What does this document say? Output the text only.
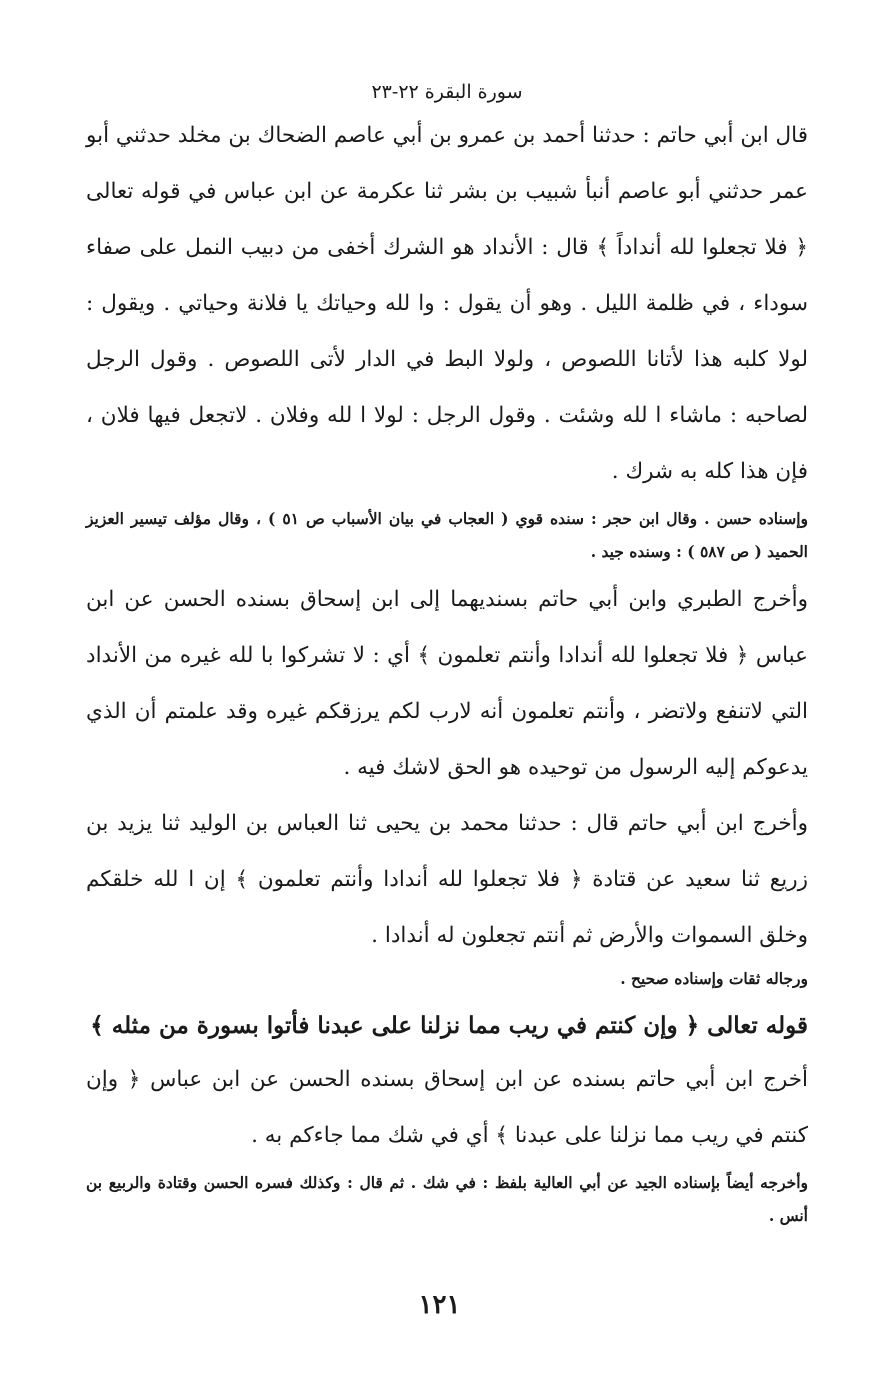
سورة البقرة ٢٢-٢٣

قال ابن أبي حاتم : حدثنا أحمد بن عمرو بن أبي عاصم الضحاك بن مخلد حدثني أبو عمر حدثني أبو عاصم أنبأ شبيب بن بشر ثنا عكرمة عن ابن عباس في قوله تعالى ﴿ فلا تجعلوا لله أنداداً ﴾ قال : الأنداد هو الشرك أخفى من دبيب النمل على صفاء سوداء ، في ظلمة الليل . وهو أن يقول : وا لله وحياتك يا فلانة وحياتي . ويقول : لولا كلبه هذا لأتانا اللصوص ، ولولا البط في الدار لأتى اللصوص . وقول الرجل لصاحبه : ماشاء ا لله وشئت . وقول الرجل : لولا ا لله وفلان . لاتجعل فيها فلان ، فإن هذا كله به شرك .

وإسناده حسن . وقال ابن حجر : سنده قوي ( العجاب في بيان الأسباب ص ٥١ ) ، وقال مؤلف تيسير العزيز الحميد ( ص ٥٨٧ ) : وسنده جيد .

وأخرج الطبري وابن أبي حاتم بسنديهما إلى ابن إسحاق بسنده الحسن عن ابن عباس ﴿ فلا تجعلوا لله أندادا وأنتم تعلمون ﴾ أي : لا تشركوا با لله غيره من الأنداد التي لاتنفع ولاتضر ، وأنتم تعلمون أنه لارب لكم يرزقكم غيره وقد علمتم أن الذي يدعوكم إليه الرسول من توحيده هو الحق لاشك فيه .

وأخرج ابن أبي حاتم قال : حدثنا محمد بن يحيى ثنا العباس بن الوليد ثنا يزيد بن زريع ثنا سعيد عن قتادة ﴿ فلا تجعلوا لله أندادا وأنتم تعلمون ﴾ إن ا لله خلقكم وخلق السموات والأرض ثم أنتم تجعلون له أندادا .

ورجاله ثقات وإسناده صحيح .

قوله تعالى ﴿ وإن كنتم في ريب مما نزلنا على عبدنا فأتوا بسورة من مثله ﴾

أخرج ابن أبي حاتم بسنده عن ابن إسحاق بسنده الحسن عن ابن عباس ﴿ وإن كنتم في ريب مما نزلنا على عبدنا ﴾ أي في شك مما جاءكم به .

وأخرجه أيضاً بإسناده الجيد عن أبي العالية بلفظ : في شك . ثم قال : وكذلك فسره الحسن وقتادة والربيع بن أنس .

١٢١
